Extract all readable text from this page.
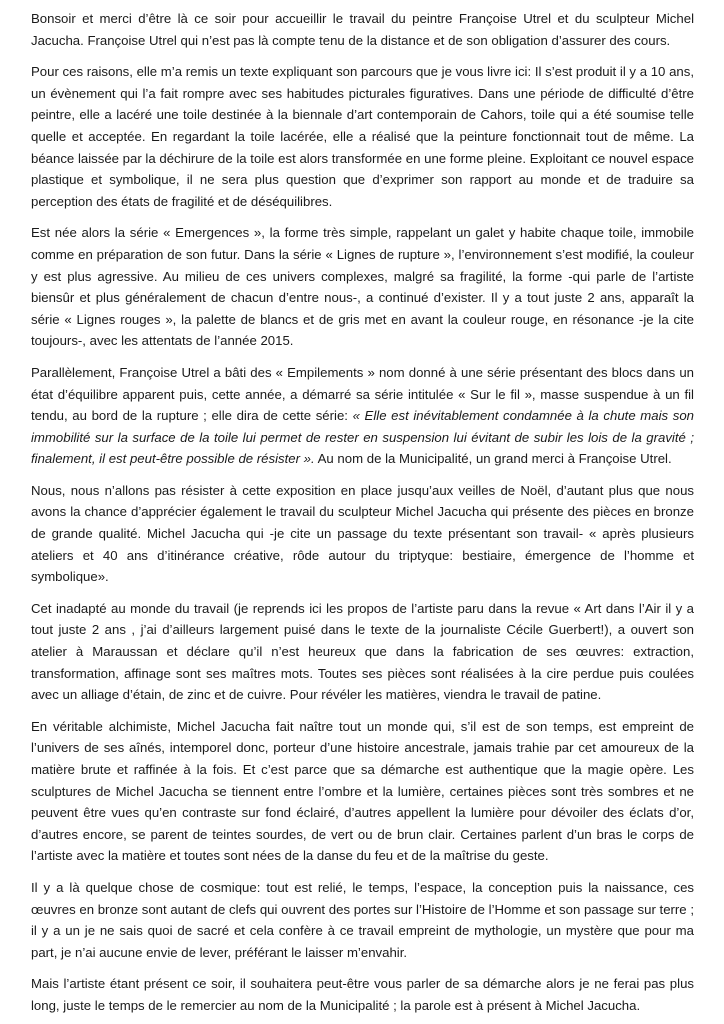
Bonsoir et merci d’être là ce soir pour accueillir le travail du peintre Françoise Utrel et du sculpteur Michel Jacucha. Françoise Utrel qui n’est pas là compte tenu de la distance et de son obligation d’assurer des cours.

Pour ces raisons, elle m’a remis un texte expliquant son parcours que je vous livre ici: Il s’est produit il y a 10 ans, un évènement qui l’a fait rompre avec ses habitudes picturales figuratives. Dans une période de difficulté d’être peintre, elle a lacéré une toile destinée à la biennale d’art contemporain de Cahors, toile qui a été soumise telle quelle et acceptée. En regardant la toile lacérée, elle a réalisé que la peinture fonctionnait tout de même. La béance laissée par la déchirure de la toile est alors transformée en une forme pleine. Exploitant ce nouvel espace plastique et symbolique, il ne sera plus question que d’exprimer son rapport au monde et de traduire sa perception des états de fragilité et de déséquilibres.

Est née alors la série « Emergences », la forme très simple, rappelant un galet y habite chaque toile, immobile comme en préparation de son futur. Dans la série « Lignes de rupture », l’environnement s’est modifié, la couleur y est plus agressive. Au milieu de ces univers complexes, malgré sa fragilité, la forme -qui parle de l’artiste biensûr et plus généralement de chacun d’entre nous-, a continué d’exister. Il y a tout juste 2 ans, apparaît la série « Lignes rouges », la palette de blancs et de gris met en avant la couleur rouge, en résonance -je la cite toujours-, avec les attentats de l’année 2015.

Parallèlement, Françoise Utrel a bâti des « Empilements » nom donné à une série présentant des blocs dans un état d’équilibre apparent puis, cette année, a démarré sa série intitulée « Sur le fil », masse suspendue à un fil tendu, au bord de la rupture ; elle dira de cette série: « Elle est inévitablement condamnée à la chute mais son immobilité sur la surface de la toile lui permet de rester en suspension lui évitant de subir les lois de la gravité ; finalement, il est peut-être possible de résister ». Au nom de la Municipalité, un grand merci à Françoise Utrel.

Nous, nous n’allons pas résister à cette exposition en place jusqu’aux veilles de Noël, d’autant plus que nous avons la chance d’apprécier également le travail du sculpteur Michel Jacucha qui présente des pièces en bronze de grande qualité. Michel Jacucha qui -je cite un passage du texte présentant son travail- « après plusieurs ateliers et 40 ans d’itinérance créative, rôde autour du triptyque: bestiaire, émergence de l’homme et symbolique».

Cet inadapté au monde du travail (je reprends ici les propos de l’artiste paru dans la revue « Art dans l’Air il y a tout juste 2 ans , j’ai d’ailleurs largement puisé dans le texte de la journaliste Cécile Guerbert!), a ouvert son atelier à Maraussan et déclare qu’il n’est heureux que dans la fabrication de ses œuvres: extraction, transformation, affinage sont ses maîtres mots. Toutes ses pièces sont réalisées à la cire perdue puis coulées avec un alliage d’étain, de zinc et de cuivre. Pour révéler les matières, viendra le travail de patine.

En véritable alchimiste, Michel Jacucha fait naître tout un monde qui, s’il est de son temps, est empreint de l’univers de ses aînés, intemporel donc, porteur d’une histoire ancestrale, jamais trahie par cet amoureux de la matière brute et raffinée à la fois. Et c’est parce que sa démarche est authentique que la magie opère. Les sculptures de Michel Jacucha se tiennent entre l’ombre et la lumière, certaines pièces sont très sombres et ne peuvent être vues qu’en contraste sur fond éclairé, d’autres appellent la lumière pour dévoiler des éclats d’or, d’autres encore, se parent de teintes sourdes, de vert ou de brun clair. Certaines parlent d’un bras le corps de l’artiste avec la matière et toutes sont nées de la danse du feu et de la maîtrise du geste.

Il y a là quelque chose de cosmique: tout est relié, le temps, l’espace, la conception puis la naissance, ces œuvres en bronze sont autant de clefs qui ouvrent des portes sur l’Histoire de l’Homme et son passage sur terre ; il y a un je ne sais quoi de sacré et cela confère à ce travail empreint de mythologie, un mystère que pour ma part, je n’ai aucune envie de lever, préférant le laisser m’envahir.

Mais l’artiste étant présent ce soir, il souhaitera peut-être vous parler de sa démarche alors je ne ferai pas plus long, juste le temps de le remercier au nom de la Municipalité ; la parole est à présent à Michel Jacucha.
